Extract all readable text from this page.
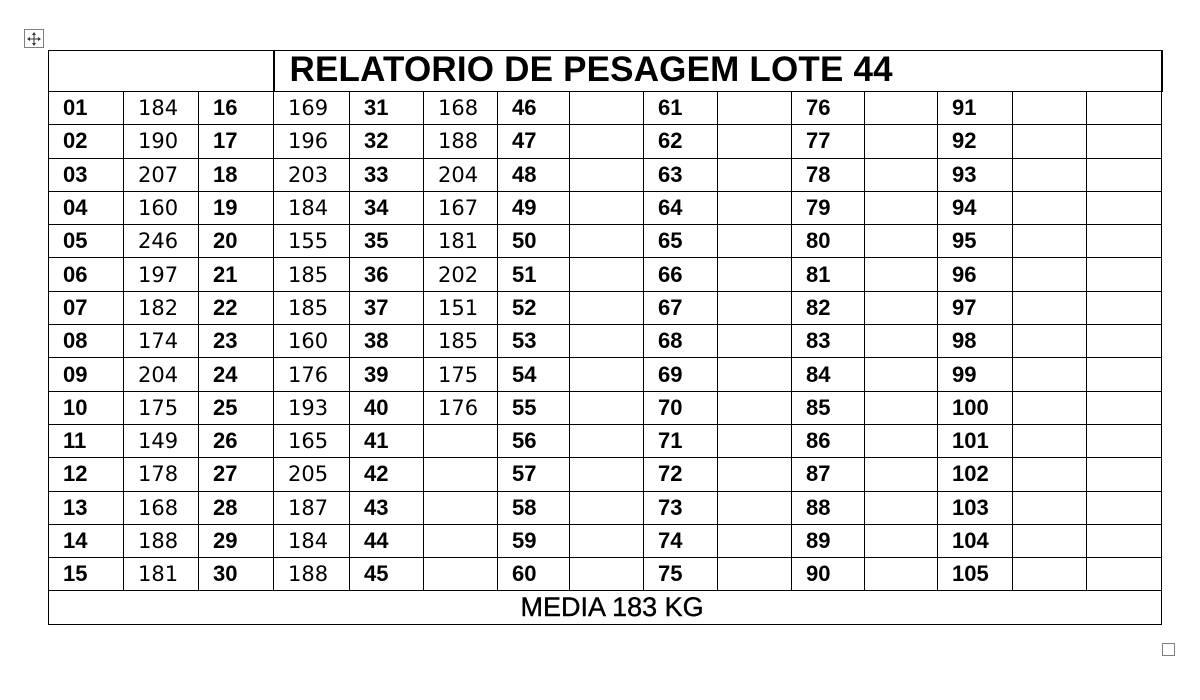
			RELATORIO DE PESAGEM LOTE 44											
01	184	16	169	31	168	46		61		76		91		
02	190	17	196	32	188	47		62		77		92		
03	207	18	203	33	204	48		63		78		93		
04	160	19	184	34	167	49		64		79		94		
05	246	20	155	35	181	50		65		80		95		
06	197	21	185	36	202	51		66		81		96		
07	182	22	185	37	151	52		67		82		97		
08	174	23	160	38	185	53		68		83		98		
09	204	24	176	39	175	54		69		84		99		
10	175	25	193	40	176	55		70		85		100		
11	149	26	165	41		56		71		86		101		
12	178	27	205	42		57		72		87		102		
13	168	28	187	43		58		73		88		103		
14	188	29	184	44		59		74		89		104		
15	181	30	188	45		60		75		90		105		
MEDIA 183 KG														
